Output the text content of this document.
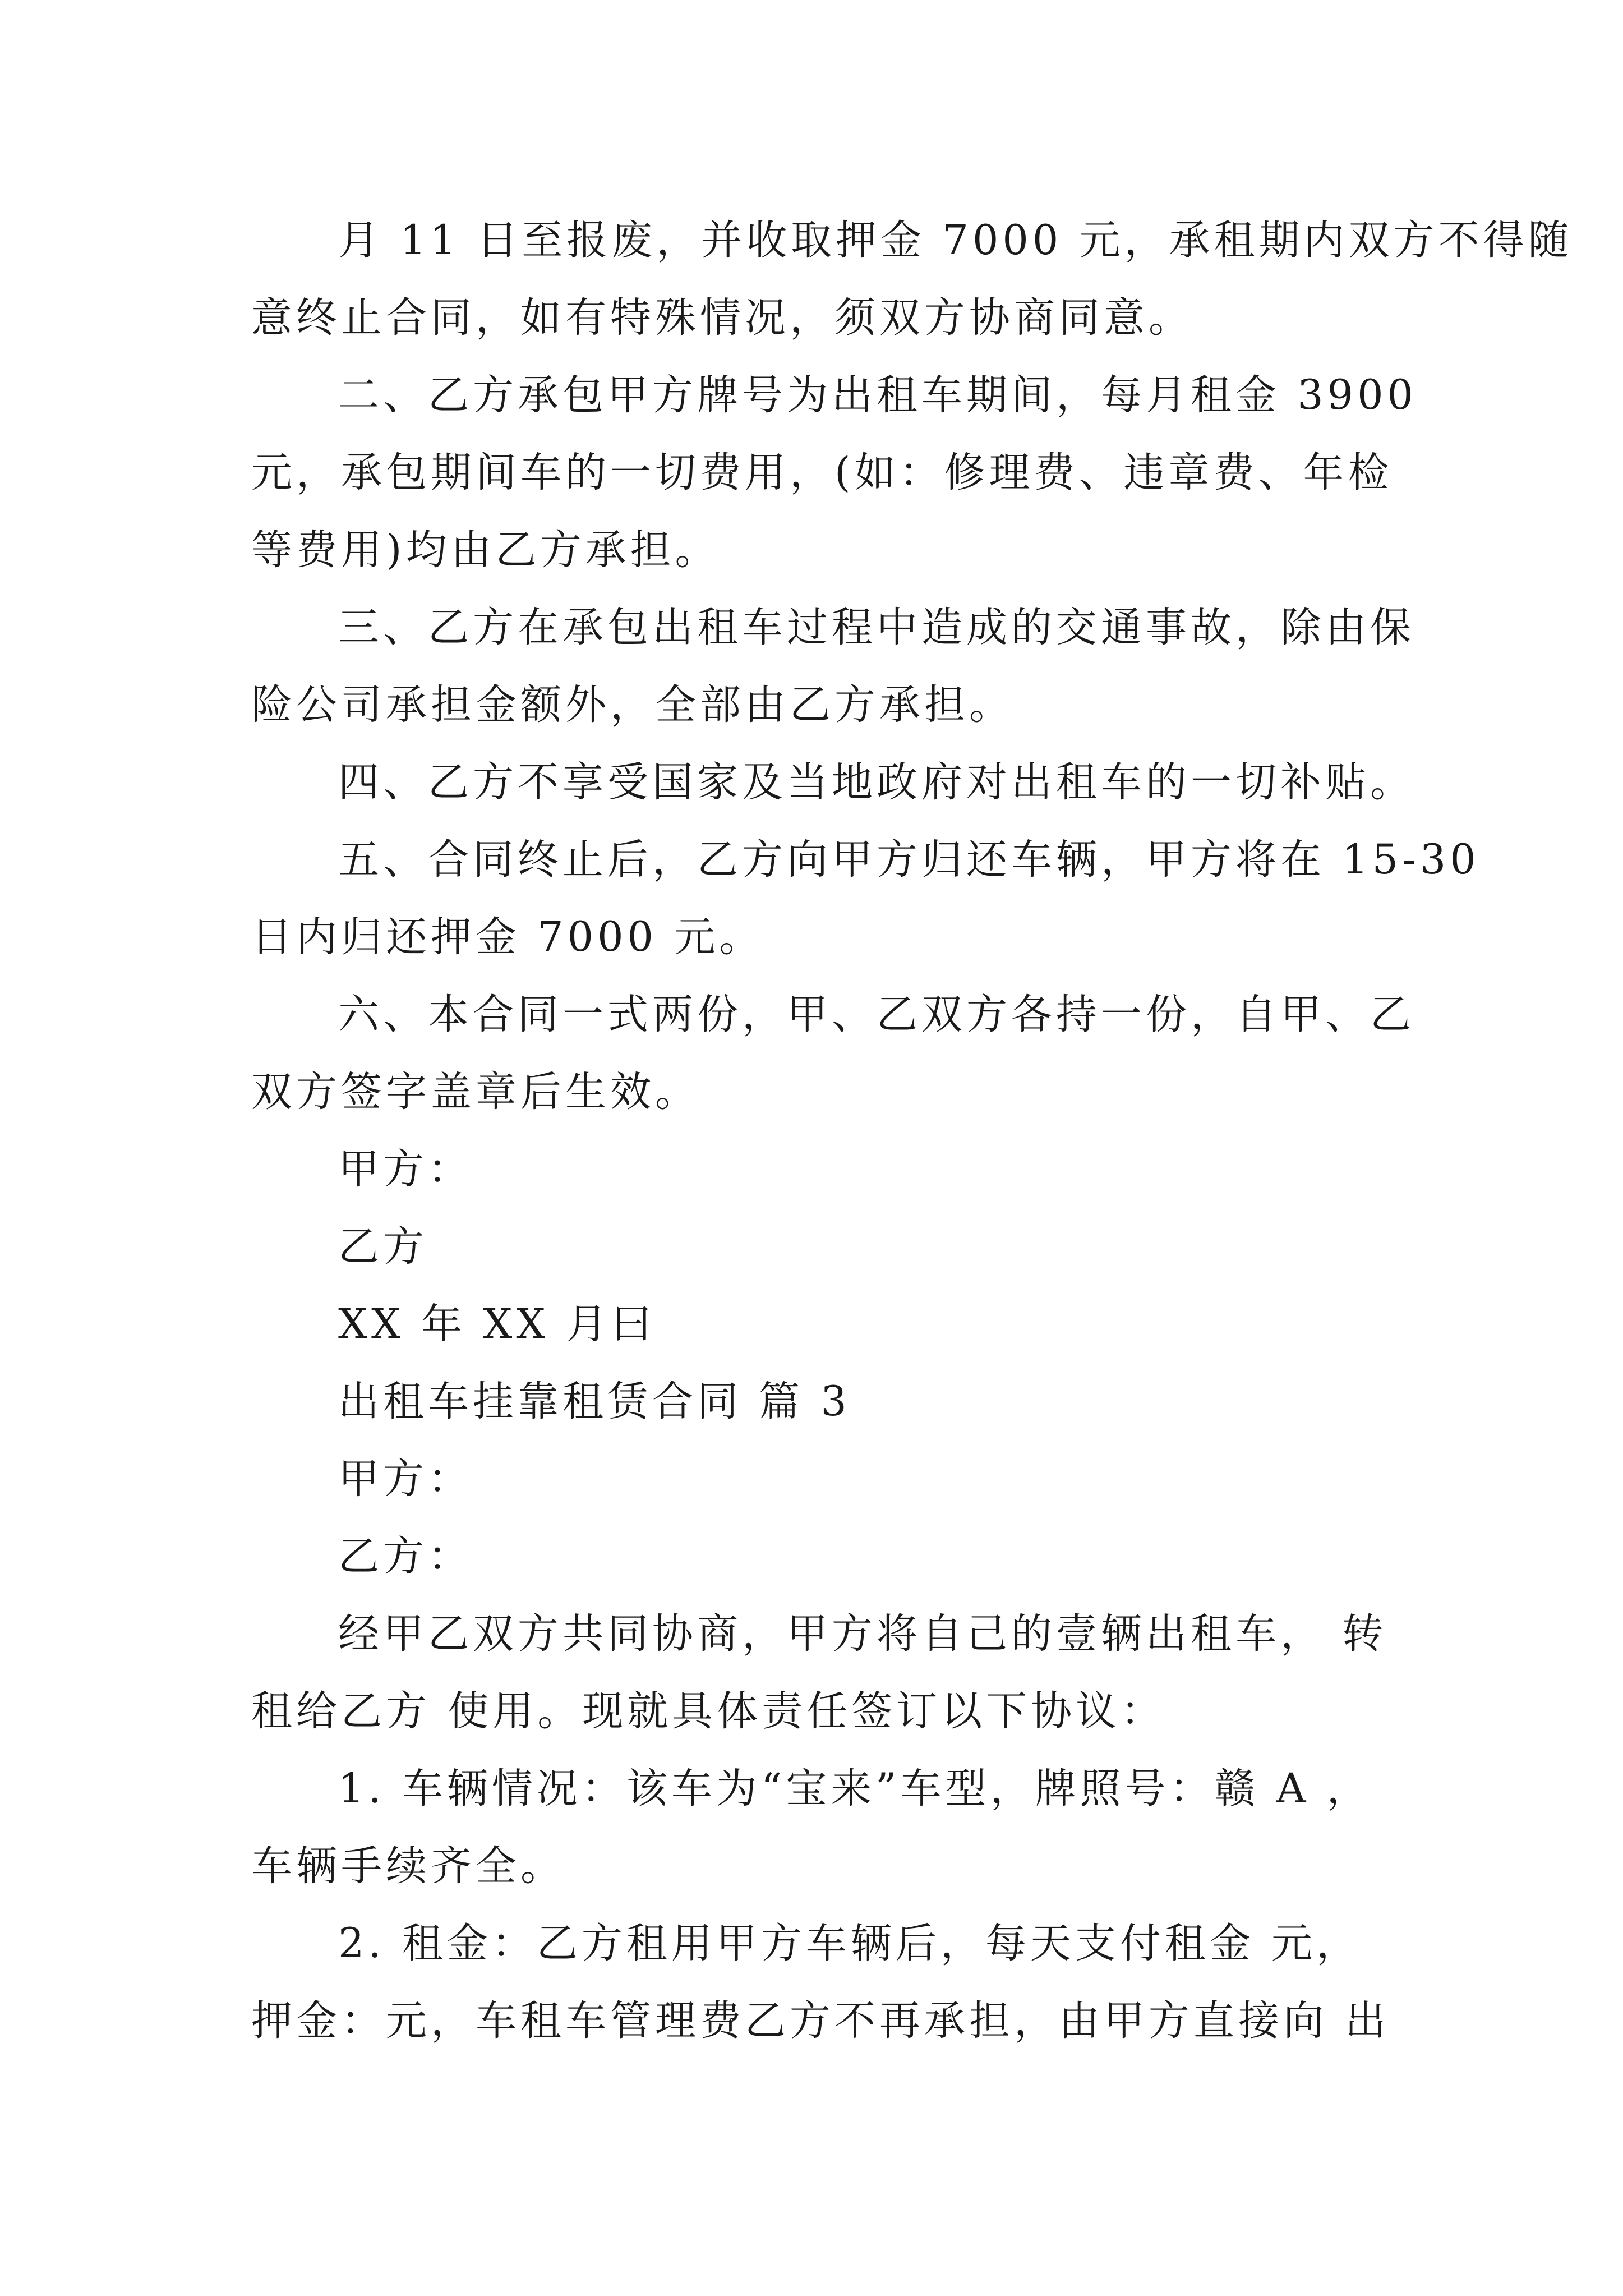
月 11 日至报废，并收取押金 7000 元，承租期内双方不得随
意终止合同，如有特殊情况，须双方协商同意。
二、乙方承包甲方牌号为出租车期间，每月租金 3900
元，承包期间车的一切费用，(如：修理费、违章费、年检
等费用)均由乙方承担。
三、乙方在承包出租车过程中造成的交通事故，除由保
险公司承担金额外，全部由乙方承担。
四、乙方不享受国家及当地政府对出租车的一切补贴。
五、合同终止后，乙方向甲方归还车辆，甲方将在 15-30
日内归还押金 7000 元。
六、本合同一式两份，甲、乙双方各持一份，自甲、乙
双方签字盖章后生效。
甲方：
乙方
XX 年 XX 月曰
出租车挂靠租赁合同 篇 3
甲方：
乙方：
经甲乙双方共同协商，甲方将自己的壹辆出租车， 转
租给乙方 使用。现就具体责任签订以下协议：
1. 车辆情况：该车为“宝来”车型，牌照号：赣 A ，
车辆手续齐全。
2. 租金：乙方租用甲方车辆后，每天支付租金 元，
押金：元，车租车管理费乙方不再承担，由甲方直接向 出
